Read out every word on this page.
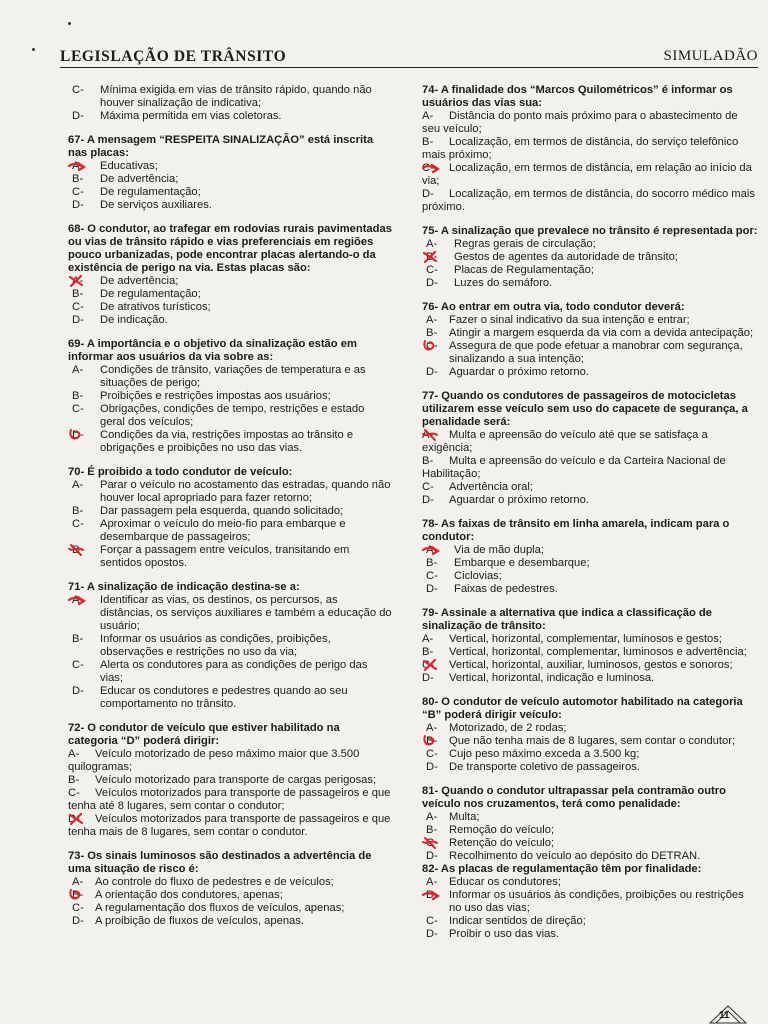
LEGISLAÇÃO DE TRÂNSITO	SIMULADÃO
C- Mínima exigida em vias de trânsito rápido, quando não houver sinalização de indicativa;
D- Máxima permitida em vias coletoras.
67- A mensagem “RESPEITA SINALIZAÇÃO” está inscrita nas placas:
A- Educativas;
B- De advertência;
C- De regulamentação;
D- De serviços auxiliares.
68- O condutor, ao trafegar em rodovias rurais pavimentadas ou vias de trânsito rápido e vias preferenciais em regiões pouco urbanizadas, pode encontrar placas alertando-o da existência de perigo na via. Estas placas são:
A- De advertência;
B- De regulamentação;
C- De atrativos turísticos;
D- De indicação.
69- A importância e o objetivo da sinalização estão em informar aos usuários da via sobre as:
A- Condições de trânsito, variações de temperatura e as situações de perigo;
B- Proibições e restrições impostas aos usuários;
C- Obrigações, condições de tempo, restrições e estado geral dos veículos;
D- Condições da via, restrições impostas ao trânsito e obrigações e proibições no uso das vias.
70- É proibido a todo condutor de veículo:
A- Parar o veículo no acostamento das estradas, quando não houver local apropriado para fazer retorno;
B- Dar passagem pela esquerda, quando solicitado;
C- Aproximar o veículo do meio-fio para embarque e desembarque de passageiros;
D- Forçar a passagem entre veículos, transitando em sentidos opostos.
71- A sinalização de indicação destina-se a:
A- Identificar as vias, os destinos, os percursos, as distâncias, os serviços auxiliares e também a educação do usuário;
B- Informar os usuários as condições, proibições, observações e restrições no uso da via;
C- Alerta os condutores para as condições de perigo das vias;
D- Educar os condutores e pedestres quando ao seu comportamento no trânsito.
72- O condutor de veículo que estiver habilitado na categoria “D” poderá dirigir:
A- Veículo motorizado de peso máximo maior que 3.500 quilogramas;
B- Veículo motorizado para transporte de cargas perigosas;
C- Veículos motorizados para transporte de passageiros e que tenha até 8 lugares, sem contar o condutor;
D- Veículos motorizados para transporte de passageiros e que tenha mais de 8 lugares, sem contar o condutor.
73- Os sinais luminosos são destinados a advertência de uma situação de risco é:
A- Ao controle do fluxo de pedestres e de veículos;
B- A orientação dos condutores, apenas;
C- A regulamentação dos fluxos de veículos, apenas;
D- A proibição de fluxos de veículos, apenas.
74- A finalidade dos “Marcos Quilométricos” é informar os usuários das vias sua:
A- Distância do ponto mais próximo para o abastecimento de seu veículo;
B- Localização, em termos de distância, do serviço telefônico mais próximo;
C- Localização, em termos de distância, em relação ao início da via;
D- Localização, em termos de distância, do socorro médico mais próximo.
75- A sinalização que prevalece no trânsito é representada por:
A- Regras gerais de circulação;
B- Gestos de agentes da autoridade de trânsito;
C- Placas de Regulamentação;
D- Luzes do semáforo.
76- Ao entrar em outra via, todo condutor deverá:
A- Fazer o sinal indicativo da sua intenção e entrar;
B- Atingir a margem esquerda da via com a devida antecipação;
C- Assegura de que pode efetuar a manobrar com segurança, sinalizando a sua intenção;
D- Aguardar o próximo retorno.
77- Quando os condutores de passageiros de motocicletas utilizarem esse veículo sem uso do capacete de segurança, a penalidade será:
A- Multa e apreensão do veículo até que se satisfaça a exigência;
B- Multa e apreensão do veículo e da Carteira Nacional de Habilitação;
C- Advertência oral;
D- Aguardar o próximo retorno.
78- As faixas de trânsito em linha amarela, indicam para o condutor:
A- Via de mão dupla;
B- Embarque e desembarque;
C- Ciclovias;
D- Faixas de pedestres.
79- Assinale a alternativa que indica a classificação de sinalização de trânsito:
A- Vertical, horizontal, complementar, luminosos e gestos;
B- Vertical, horizontal, complementar, luminosos e advertência;
C- Vertical, horizontal, auxiliar, luminosos, gestos e sonoros;
D- Vertical, horizontal, indicação e luminosa.
80- O condutor de veículo automotor habilitado na categoria “B” poderá dirigir veículo:
A- Motorizado, de 2 rodas;
B- Que não tenha mais de 8 lugares, sem contar o condutor;
C- Cujo peso máximo exceda a 3.500 kg;
D- De transporte coletivo de passageiros.
81- Quando o condutor ultrapassar pela contramão outro veículo nos cruzamentos, terá como penalidade:
A- Multa;
B- Remoção do veículo;
C- Retenção do veículo;
D- Recolhimento do veículo ao depósito do DETRAN.
82- As placas de regulamentação têm por finalidade:
A- Educar os condutores;
B- Informar os usuários às condições, proibições ou restrições no uso das vias;
C- Indicar sentidos de direção;
D- Proibir o uso das vias.
11
